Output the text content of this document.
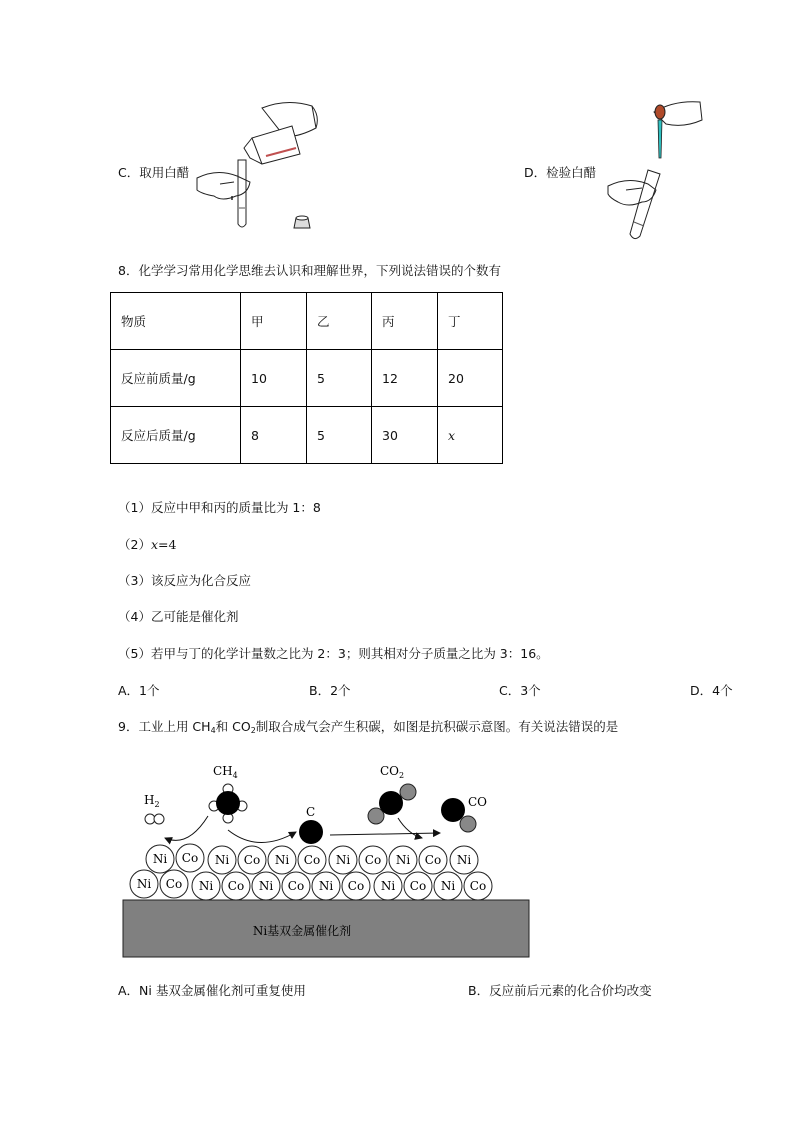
C．取用白醋	D．检验白醋
8．化学学习常用化学思维去认识和理解世界，下列说法错误的个数有
物质	甲	乙	丙	丁
反应前质量/g	10	5	12	20
反应后质量/g	8	5	30	x
（1）反应中甲和丙的质量比为 1：8
（2）x=4
（3）该反应为化合反应
（4）乙可能是催化剂
（5）若甲与丁的化学计量数之比为 2：3；则其相对分子质量之比为 3：16。
A．1个	B．2个	C．3个	D．4个
9．工业上用 $CH_4$和 $CO_2$制取合成气会产生积碳，如图是抗积碳示意图。有关说法错误的是
Ni基双金属催化剂
Ni Co Ni Co Ni Co Ni Co Ni Co Ni Co
Ni Co Ni Co Ni Co Ni Co Ni Co Ni
$H_2$
$CH_4$
C
$CO_2$
CO
A．Ni 基双金属催化剂可重复使用	B．反应前后元素的化合价均改变
